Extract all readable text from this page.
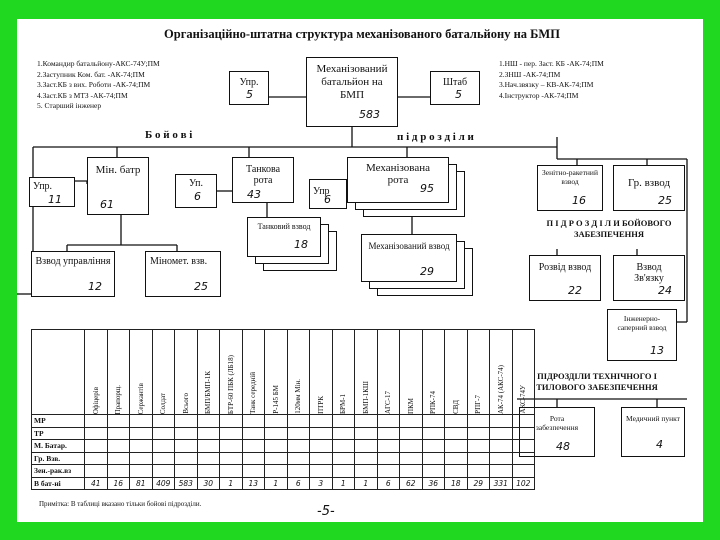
Організаційно-штатна структура механізованого батальйону на БМП
1.Командир батальйону-АКС-74У;ПМ
2.Заступник Ком. бат. -АК-74;ПМ
3.Заст.КБ з вих. Роботи -АК-74;ПМ
4.Заст.КБ з МТЗ -АК-74;ПМ
5. Старший інженер
1.НШ - пер. Заст. КБ -АК-74;ПМ
2.ЗНШ -АК-74;ПМ
3.Нач.звязку – КВ-АК-74;ПМ
4.Інструктор -АК-74;ПМ
Упр.
5
Механізований батальйон на БМП
583
Штаб
5
Б о й о в і	п і д р о з д і л и
Упр.
11
Мін. батр
61
Уп.
6
Танкова рота
43
Танковий взвод
18
Упр
6
Механізована рота
95
Механізований взвод
29
Взвод управління
12
Міномет. взв.
25
Зенітно-ракетний взвод
16
Гр. взвод
25
П І Д Р О З Д І Л И БОЙОВОГО ЗАБЕЗПЕЧЕННЯ
Розвід взвод
22
Взвод Зв'язку
24
Інженерно-саперний взвод
13
ПІДРОЗДІЛИ ТЕХНІЧНОГО І ТИЛОВОГО ЗАБЕЗПЕЧЕННЯ
Рота забезпечення
48
Медичний пункт
4

	Офіцерів	Прапорщ.	Сержантів	Солдат	Всього	БМП/БМП-1К	БТР-60 ПБК (ЛБ18)	Танк середній	Р-145 БМ	120мм Мін.	ПТРК	БРМ-1	БМП-1КШ	АГС-17	ПКМ	РПК-74	СВД	РПГ-7	АК-74 (АКС-74)	АКС-74У

МР																				
ТР																				
М. Батар.																				
Гр. Взв.																				
Зен.-рак.вз																				
В бат-ні	41	16	81	409	583	30	1	13	1	6	3	1	1	6	62	36	18	29	331	102
Примітка: В таблиці вказано тільки бойові підрозділи.	-5-
